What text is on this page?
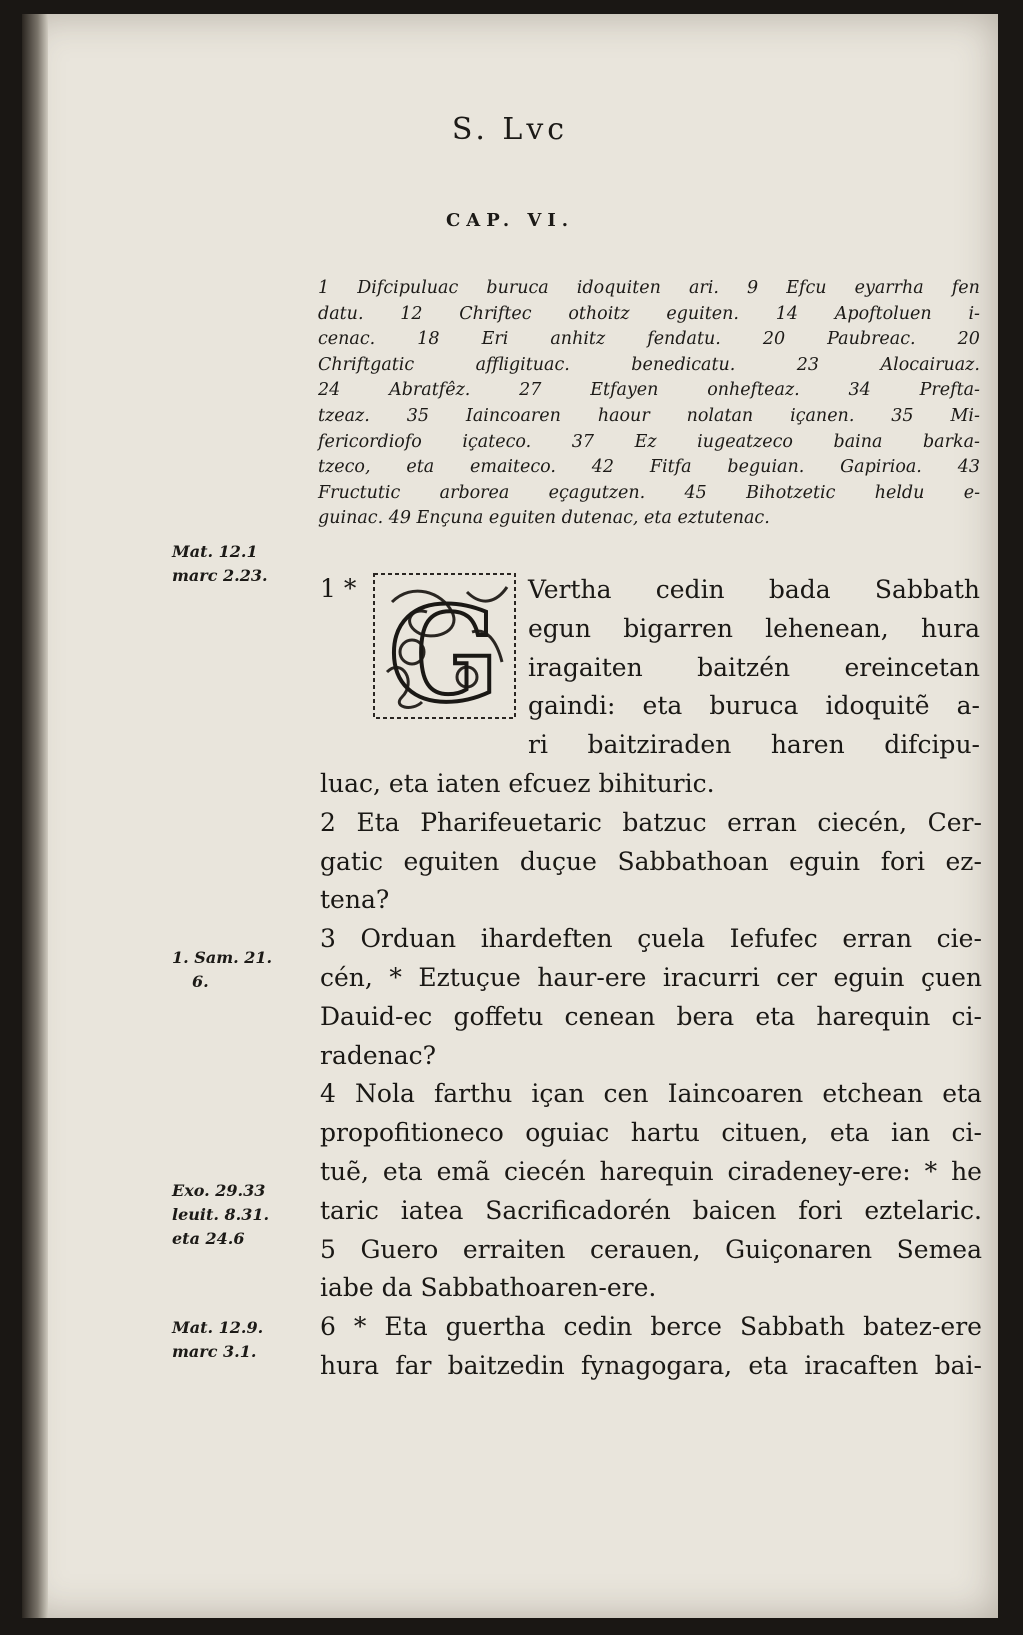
S. Lvc
CAP. VI.
1 Difcipuluac buruca idoquiten ari. 9 Efcu eyarrha fen
datu. 12 Chriftec othoitz eguiten. 14 Apoftoluen i-
cenac. 18 Eri anhitz fendatu. 20 Paubreac. 20
Chriftgatic	affligituac.	benedicatu.	23	Alocairuaz.
24	Abratfêz.	27	Etfayen	onhefteaz.	34	Prefta-
tzeaz. 35 Iaincoaren haour nolatan içanen. 35 Mi-
fericordiofo içateco. 37 Ez iugeatzeco baina barka-
tzeco, eta emaiteco. 42 Fitfa beguian. Gapirioa. 43
Fructutic arborea eçagutzen. 45 Bihotzetic heldu e-
guinac. 49 Ençuna eguiten dutenac, eta eztutenac.
Mat. 12.1
marc 2.23.
1. Sam. 21.
6.
Exo. 29.33
leuit. 8.31.
eta 24.6
Mat. 12.9.
marc 3.1.
1 * G Vertha cedin bada Sabbath
egun bigarren lehenean, hura
iragaiten baitzén ereincetan
gaindi: eta buruca idoquitẽ a-
ri baitziraden haren difcipu-
luac, eta iaten efcuez bihituric.
2 Eta Pharifeuetaric batzuc erran ciecén, Cer-
gatic eguiten duçue Sabbathoan eguin fori ez-
tena?
3 Orduan ihardeften çuela Iefufec erran cie-
cén, * Eztuçue haur-ere iracurri cer eguin çuen
Dauid-ec goffetu cenean bera eta harequin ci-
radenac?
4 Nola farthu içan cen Iaincoaren etchean eta
propofitioneco oguiac hartu cituen, eta ian ci-
tuẽ, eta emã ciecén harequin ciradeney-ere: * he
taric iatea Sacrificadorén baicen fori eztelaric.
5 Guero erraiten cerauen, Guiçonaren Semea
iabe da Sabbathoaren-ere.
6 * Eta guertha cedin berce Sabbath batez-ere
hura far baitzedin fynagogara, eta iracaften bai-
